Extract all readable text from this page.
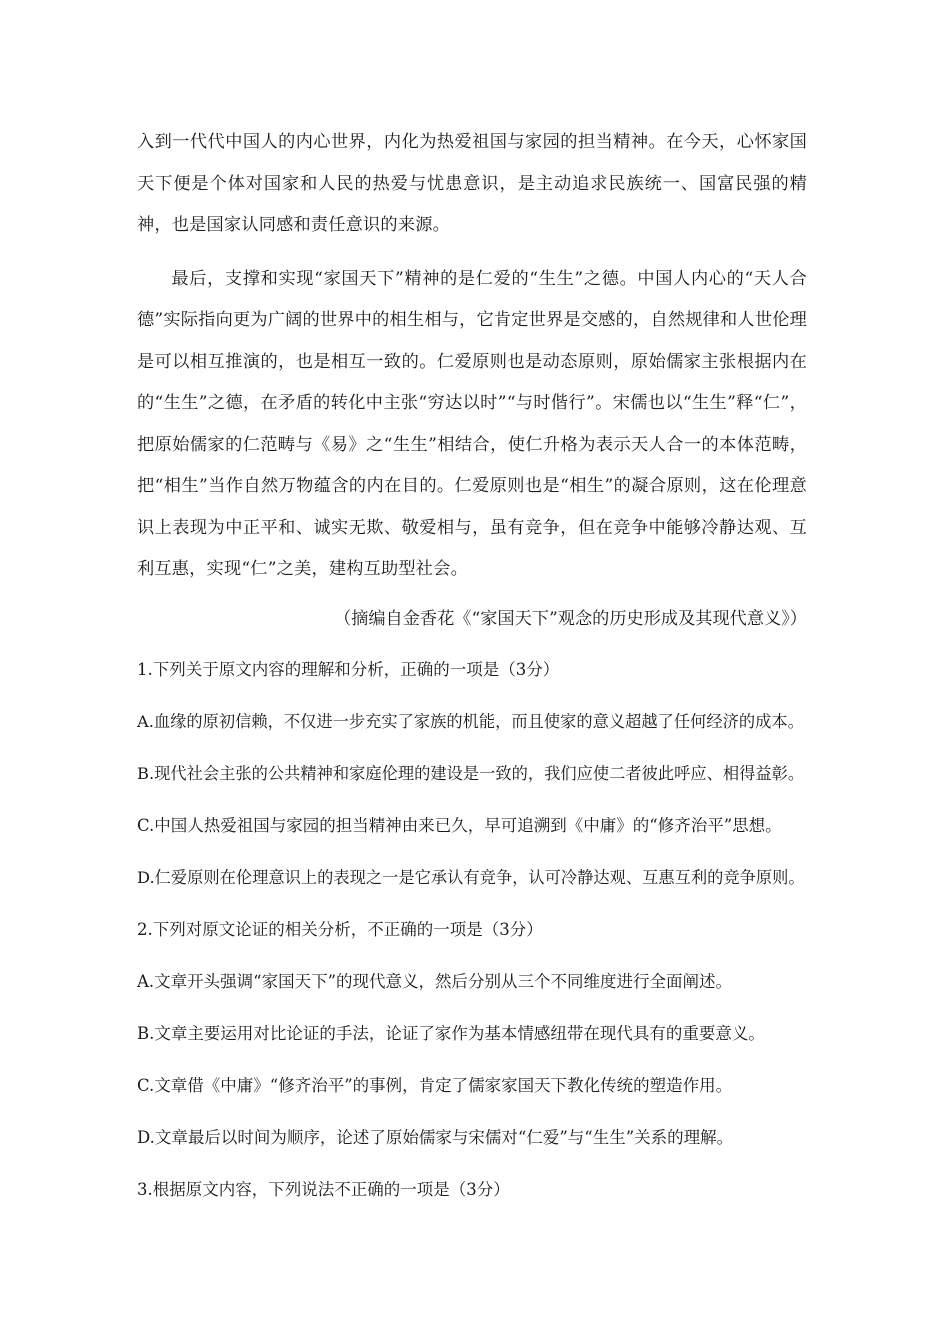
入到一代代中国人的内心世界，内化为热爱祖国与家园的担当精神。在今天，心怀家国天下便是个体对国家和人民的热爱与忧患意识，是主动追求民族统一、国富民强的精神，也是国家认同感和责任意识的来源。

最后，支撑和实现“家国天下”精神的是仁爱的“生生”之德。中国人内心的“天人合德”实际指向更为广阔的世界中的相生相与，它肯定世界是交感的，自然规律和人世伦理是可以相互推演的，也是相互一致的。仁爱原则也是动态原则，原始儒家主张根据内在的“生生”之德，在矛盾的转化中主张“穷达以时”“与时偕行”。宋儒也以“生生”释“仁”，把原始儒家的仁范畴与《易》之“生生”相结合，使仁升格为表示天人合一的本体范畴，把“相生”当作自然万物蕴含的内在目的。仁爱原则也是“相生”的凝合原则，这在伦理意识上表现为中正平和、诚实无欺、敬爱相与，虽有竞争，但在竞争中能够冷静达观、互利互惠，实现“仁”之美，建构互助型社会。

（摘编自金香花《“家国天下”观念的历史形成及其现代意义》）
1.下列关于原文内容的理解和分析，正确的一项是（3分）
A.血缘的原初信赖，不仅进一步充实了家族的机能，而且使家的意义超越了任何经济的成本。
B.现代社会主张的公共精神和家庭伦理的建设是一致的，我们应使二者彼此呼应、相得益彰。
C.中国人热爱祖国与家园的担当精神由来已久，早可追溯到《中庸》的“修齐治平”思想。
D.仁爱原则在伦理意识上的表现之一是它承认有竞争，认可冷静达观、互惠互利的竞争原则。
2.下列对原文论证的相关分析，不正确的一项是（3分）
A.文章开头强调“家国天下”的现代意义，然后分别从三个不同维度进行全面阐述。
B.文章主要运用对比论证的手法，论证了家作为基本情感纽带在现代具有的重要意义。
C.文章借《中庸》“修齐治平”的事例，肯定了儒家家国天下教化传统的塑造作用。
D.文章最后以时间为顺序，论述了原始儒家与宋儒对“仁爱”与“生生”关系的理解。
3.根据原文内容，下列说法不正确的一项是（3分）
